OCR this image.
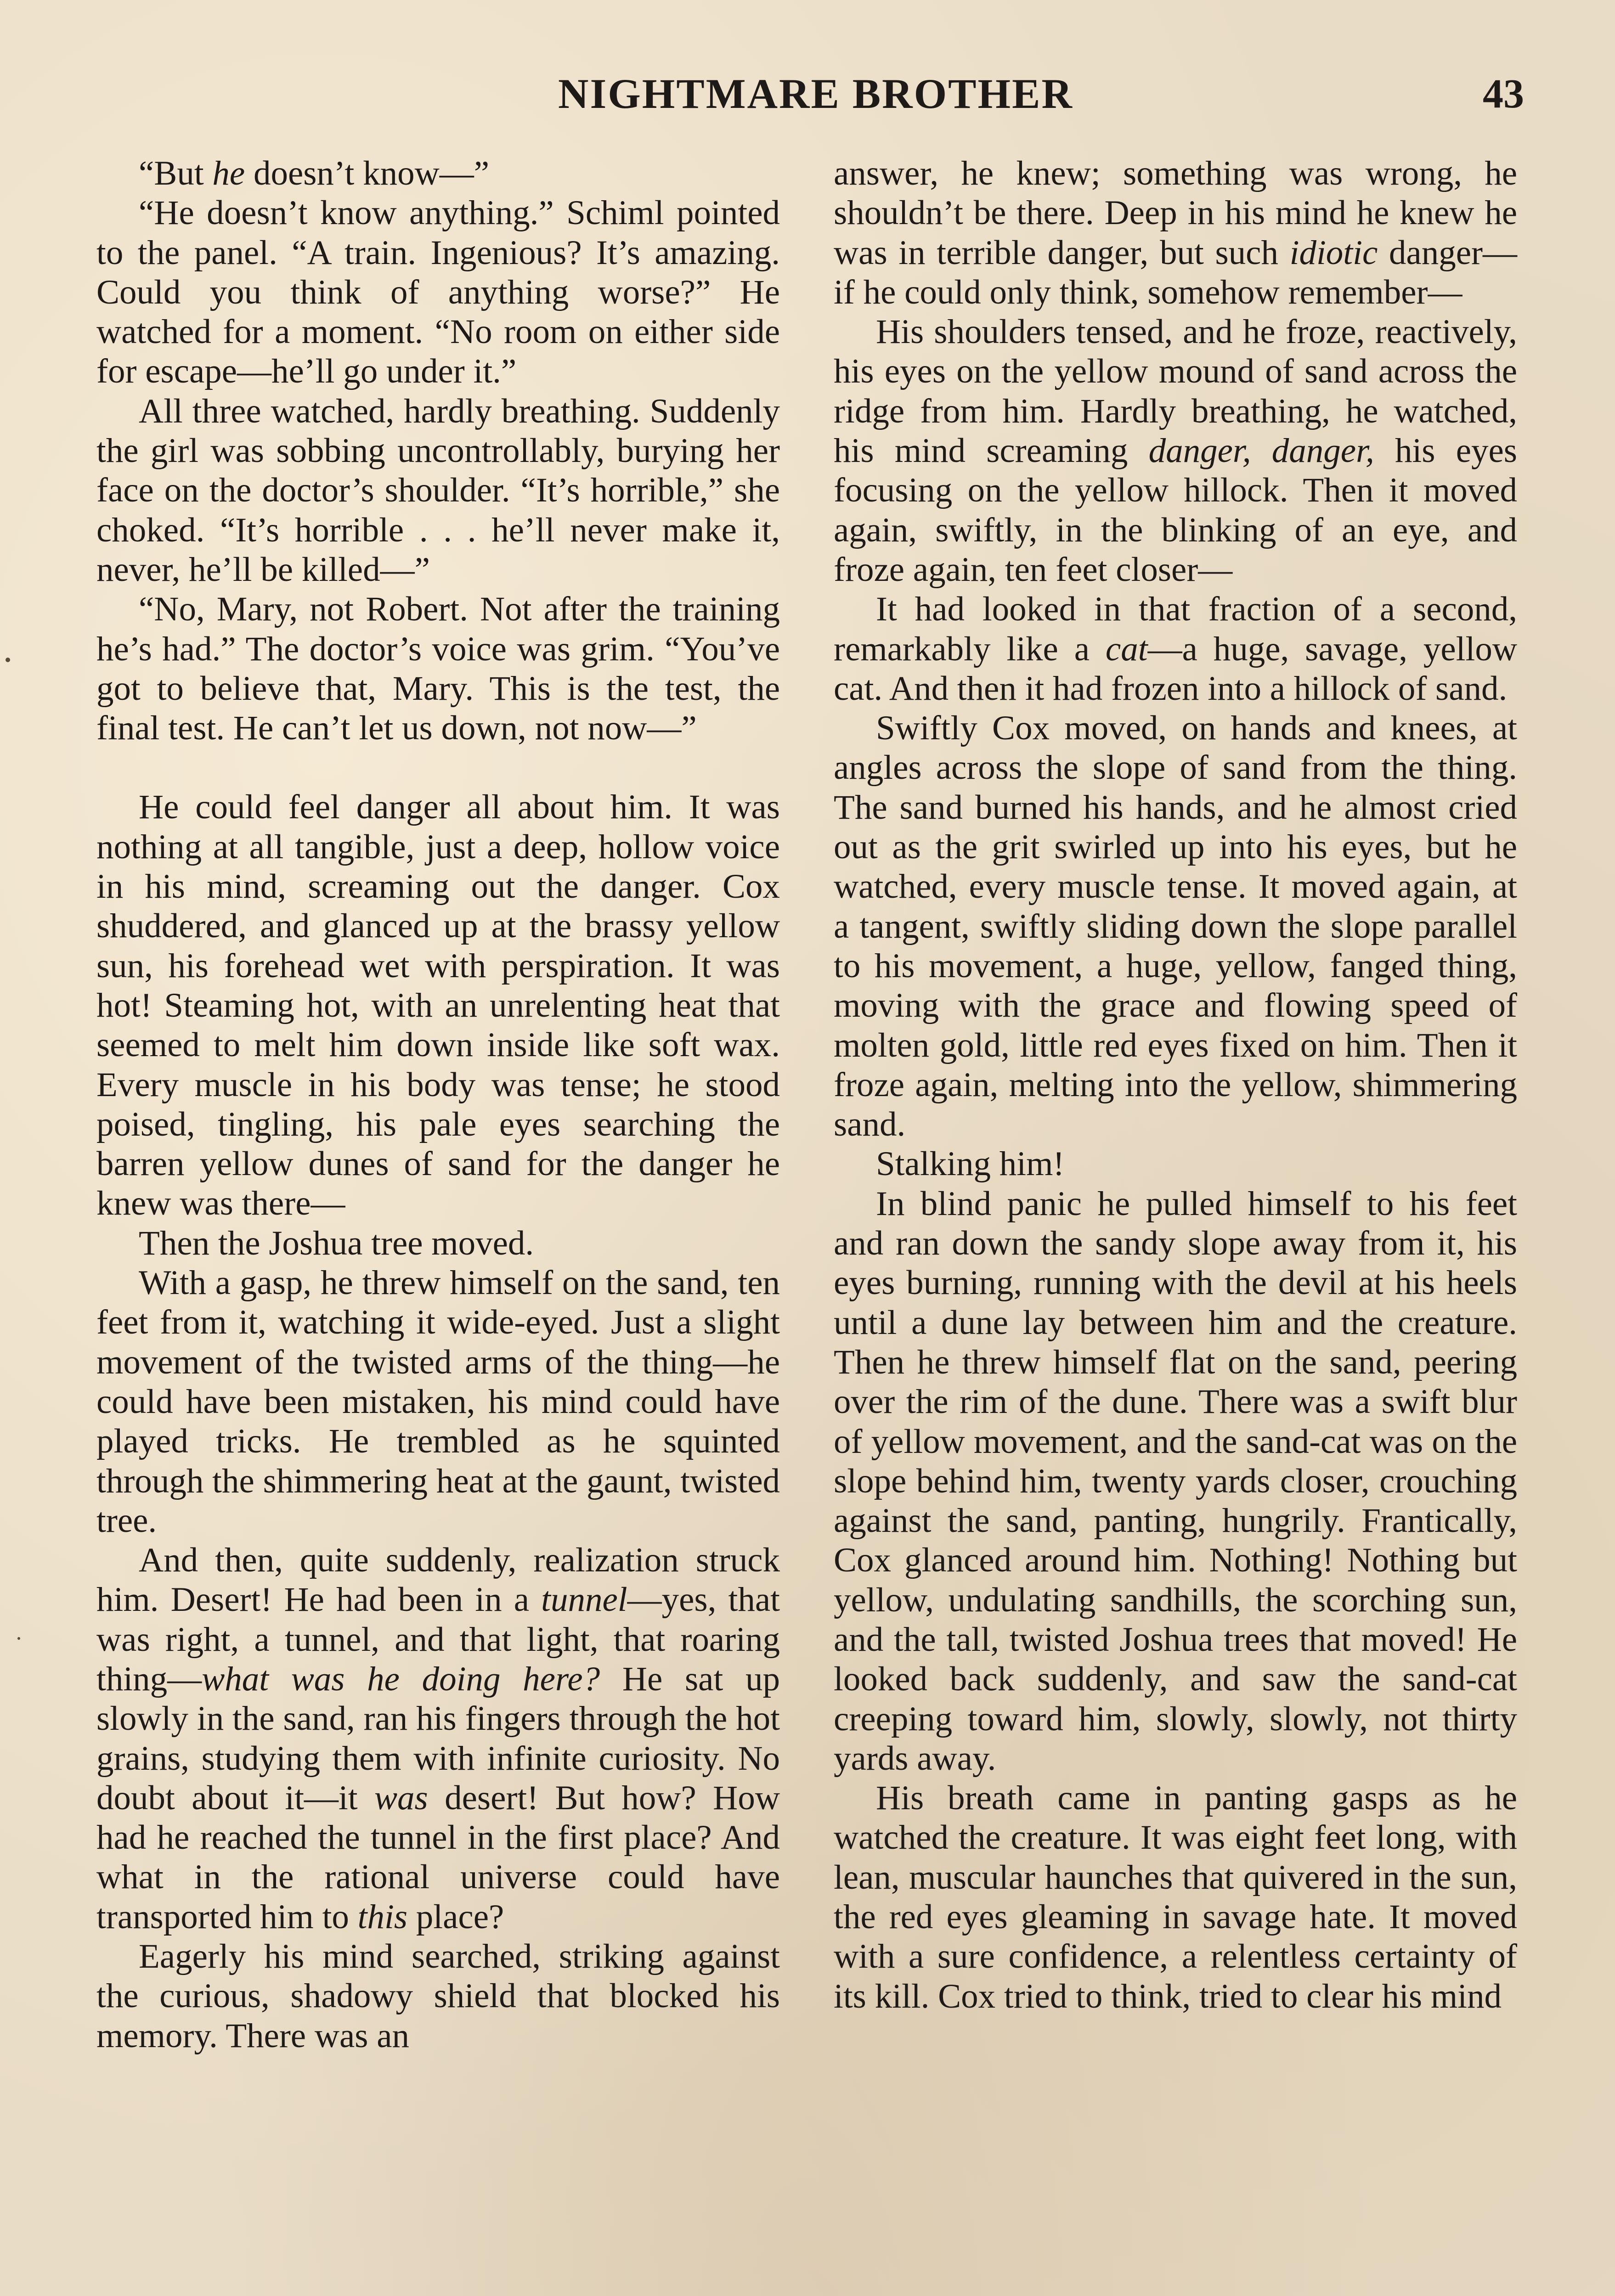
NIGHTMARE BROTHER	43

“But he doesn’t know—”

“He doesn’t know anything.” Schiml pointed to the panel. “A train. Ingenious? It’s amazing. Could you think of anything worse?” He watched for a moment. “No room on either side for escape—he’ll go under it.”

All three watched, hardly breathing. Suddenly the girl was sobbing uncontrollably, burying her face on the doctor’s shoulder. “It’s horrible,” she choked. “It’s horrible . . . he’ll never make it, never, he’ll be killed—”

“No, Mary, not Robert. Not after the training he’s had.” The doctor’s voice was grim. “You’ve got to believe that, Mary. This is the test, the final test. He can’t let us down, not now—”

He could feel danger all about him. It was nothing at all tangible, just a deep, hollow voice in his mind, screaming out the danger. Cox shuddered, and glanced up at the brassy yellow sun, his forehead wet with perspiration. It was hot! Steaming hot, with an unrelenting heat that seemed to melt him down inside like soft wax. Every muscle in his body was tense; he stood poised, tingling, his pale eyes searching the barren yellow dunes of sand for the danger he knew was there—

Then the Joshua tree moved.

With a gasp, he threw himself on the sand, ten feet from it, watching it wide-eyed. Just a slight movement of the twisted arms of the thing—he could have been mistaken, his mind could have played tricks. He trembled as he squinted through the shimmering heat at the gaunt, twisted tree.

And then, quite suddenly, realization struck him. Desert! He had been in a tunnel—yes, that was right, a tunnel, and that light, that roaring thing—what was he doing here? He sat up slowly in the sand, ran his fingers through the hot grains, studying them with infinite curiosity. No doubt about it—it was desert! But how? How had he reached the tunnel in the first place? And what in the rational universe could have transported him to this place?

Eagerly his mind searched, striking against the curious, shadowy shield that blocked his memory. There was an

answer, he knew; something was wrong, he shouldn’t be there. Deep in his mind he knew he was in terrible danger, but such idiotic danger—if he could only think, somehow remember—

His shoulders tensed, and he froze, reactively, his eyes on the yellow mound of sand across the ridge from him. Hardly breathing, he watched, his mind screaming danger, danger, his eyes focusing on the yellow hillock. Then it moved again, swiftly, in the blinking of an eye, and froze again, ten feet closer—

It had looked in that fraction of a second, remarkably like a cat—a huge, savage, yellow cat. And then it had frozen into a hillock of sand.

Swiftly Cox moved, on hands and knees, at angles across the slope of sand from the thing. The sand burned his hands, and he almost cried out as the grit swirled up into his eyes, but he watched, every muscle tense. It moved again, at a tangent, swiftly sliding down the slope parallel to his movement, a huge, yellow, fanged thing, moving with the grace and flowing speed of molten gold, little red eyes fixed on him. Then it froze again, melting into the yellow, shimmering sand.

Stalking him!

In blind panic he pulled himself to his feet and ran down the sandy slope away from it, his eyes burning, running with the devil at his heels until a dune lay between him and the creature. Then he threw himself flat on the sand, peering over the rim of the dune. There was a swift blur of yellow movement, and the sand-cat was on the slope behind him, twenty yards closer, crouching against the sand, panting, hungrily. Frantically, Cox glanced around him. Nothing! Nothing but yellow, undulating sandhills, the scorching sun, and the tall, twisted Joshua trees that moved! He looked back suddenly, and saw the sand-cat creeping toward him, slowly, slowly, not thirty yards away.

His breath came in panting gasps as he watched the creature. It was eight feet long, with lean, muscular haunches that quivered in the sun, the red eyes gleaming in savage hate. It moved with a sure confidence, a relentless certainty of its kill. Cox tried to think, tried to clear his mind
